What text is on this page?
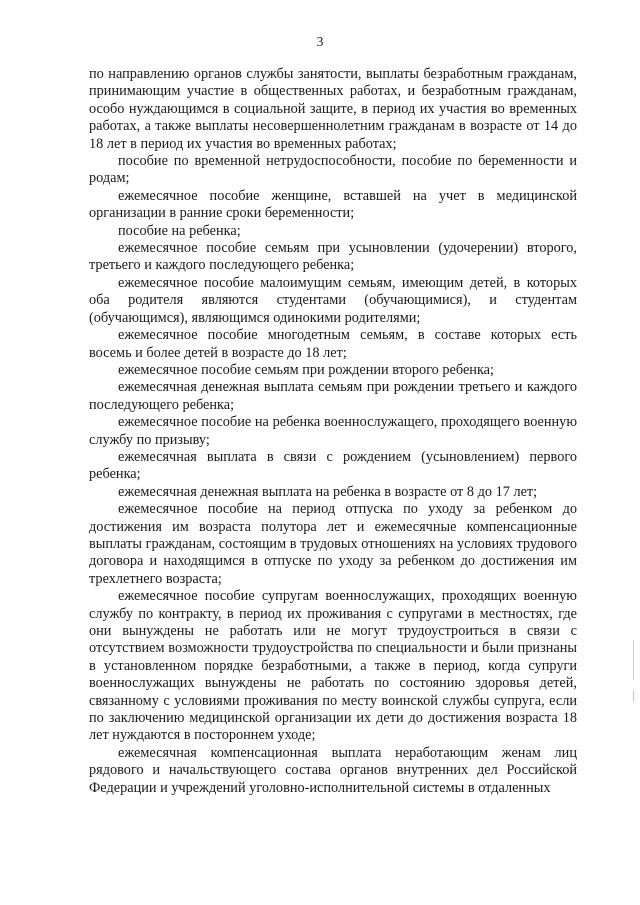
3

по направлению органов службы занятости, выплаты безработным гражданам, принимающим участие в общественных работах, и безработным гражданам, особо нуждающимся в социальной защите, в период их участия во временных работах, а также выплаты несовершеннолетним гражданам в возрасте от 14 до 18 лет в период их участия во временных работах;

пособие по временной нетрудоспособности, пособие по беременности и родам;

ежемесячное пособие женщине, вставшей на учет в медицинской организации в ранние сроки беременности;

пособие на ребенка;

ежемесячное пособие семьям при усыновлении (удочерении) второго, третьего и каждого последующего ребенка;

ежемесячное пособие малоимущим семьям, имеющим детей, в которых оба родителя являются студентами (обучающимися), и студентам (обучающимся), являющимся одинокими родителями;

ежемесячное пособие многодетным семьям, в составе которых есть восемь и более детей в возрасте до 18 лет;

ежемесячное пособие семьям при рождении второго ребенка;

ежемесячная денежная выплата семьям при рождении третьего и каждого последующего ребенка;

ежемесячное пособие на ребенка военнослужащего, проходящего военную службу по призыву;

ежемесячная выплата в связи с рождением (усыновлением) первого ребенка;

ежемесячная денежная выплата на ребенка в возрасте от 8 до 17 лет;

ежемесячное пособие на период отпуска по уходу за ребенком до достижения им возраста полутора лет и ежемесячные компенсационные выплаты гражданам, состоящим в трудовых отношениях на условиях трудового договора и находящимся в отпуске по уходу за ребенком до достижения им трехлетнего возраста;

ежемесячное пособие супругам военнослужащих, проходящих военную службу по контракту, в период их проживания с супругами в местностях, где они вынуждены не работать или не могут трудоустроиться в связи с отсутствием возможности трудоустройства по специальности и были признаны в установленном порядке безработными, а также в период, когда супруги военнослужащих вынуждены не работать по состоянию здоровья детей, связанному с условиями проживания по месту воинской службы супруга, если по заключению медицинской организации их дети до достижения возраста 18 лет нуждаются в постороннем уходе;

ежемесячная компенсационная выплата неработающим женам лиц рядового и начальствующего состава органов внутренних дел Российской Федерации и учреждений уголовно-исполнительной системы в отдаленных
